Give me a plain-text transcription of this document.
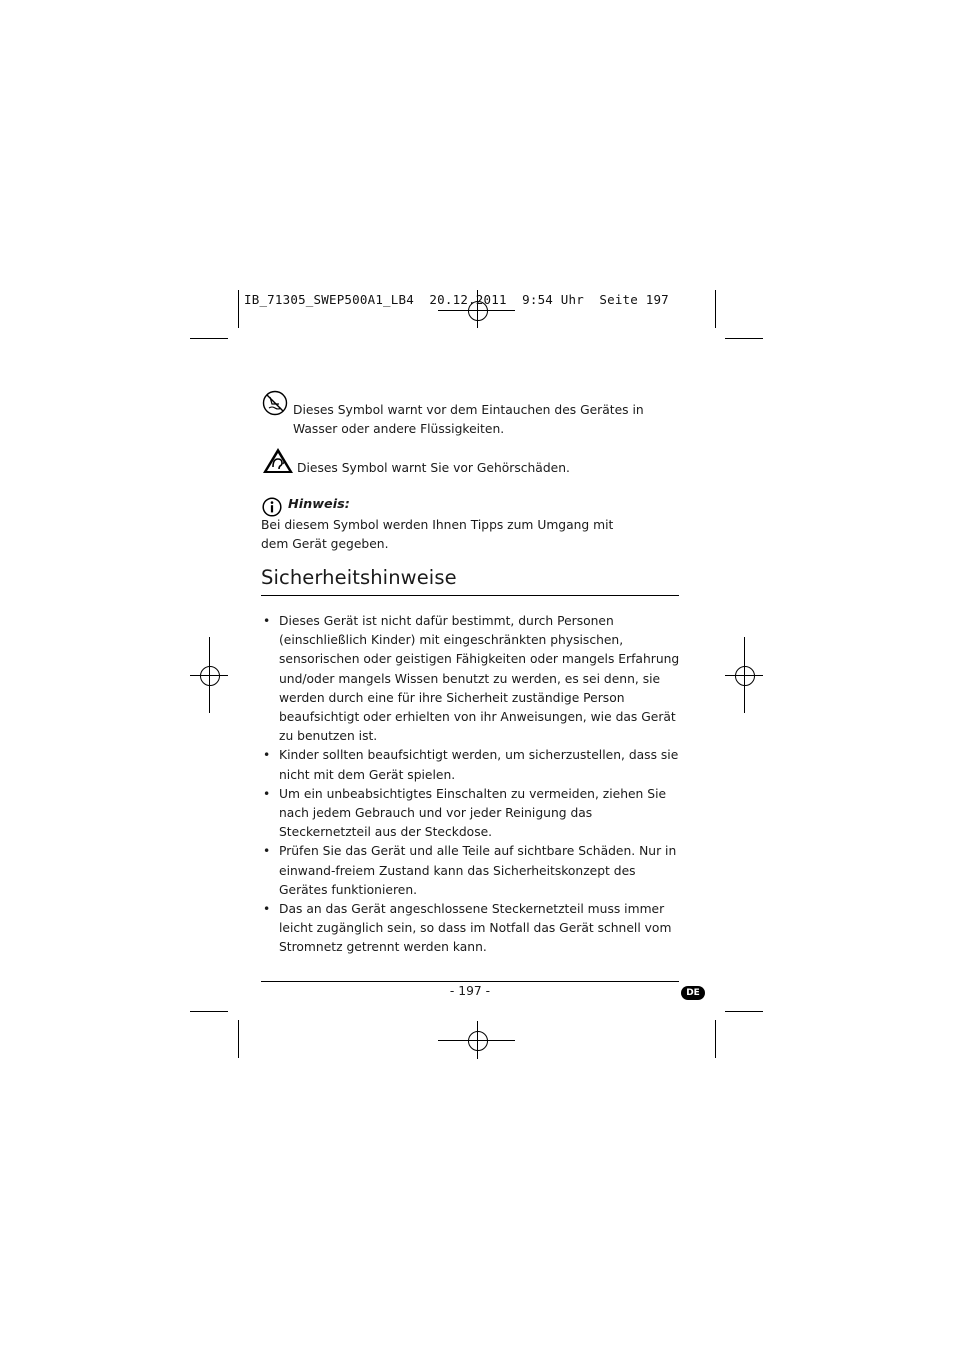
IB_71305_SWEP500A1_LB4  20.12.2011  9:54 Uhr  Seite 197
Dieses Symbol warnt vor dem Eintauchen des Gerätes in Wasser oder andere Flüssigkeiten.
Dieses Symbol warnt Sie vor Gehörschäden.
Hinweis:
Bei diesem Symbol werden Ihnen Tipps zum Umgang mit dem Gerät gegeben.
Sicherheitshinweise
• Dieses Gerät ist nicht dafür bestimmt, durch Personen (einschließlich Kinder) mit eingeschränkten physischen, sensorischen oder geistigen Fähigkeiten oder mangels Erfahrung und/oder mangels Wissen benutzt zu werden, es sei denn, sie werden durch eine für ihre Sicherheit zuständige Person beaufsichtigt oder erhielten von ihr Anweisungen, wie das Gerät zu benutzen ist.
• Kinder sollten beaufsichtigt werden, um sicherzustellen, dass sie nicht mit dem Gerät spielen.
• Um ein unbeabsichtigtes Einschalten zu vermeiden, ziehen Sie nach jedem Gebrauch und vor jeder Reinigung das Steckernetzteil aus der Steckdose.
• Prüfen Sie das Gerät und alle Teile auf sichtbare Schäden. Nur in einwand-freiem Zustand kann das Sicherheitskonzept des Gerätes funktionieren.
• Das an das Gerät angeschlossene Steckernetzteil muss immer leicht zugänglich sein, so dass im Notfall das Gerät schnell vom Stromnetz getrennt werden kann.
- 197 -	DE
